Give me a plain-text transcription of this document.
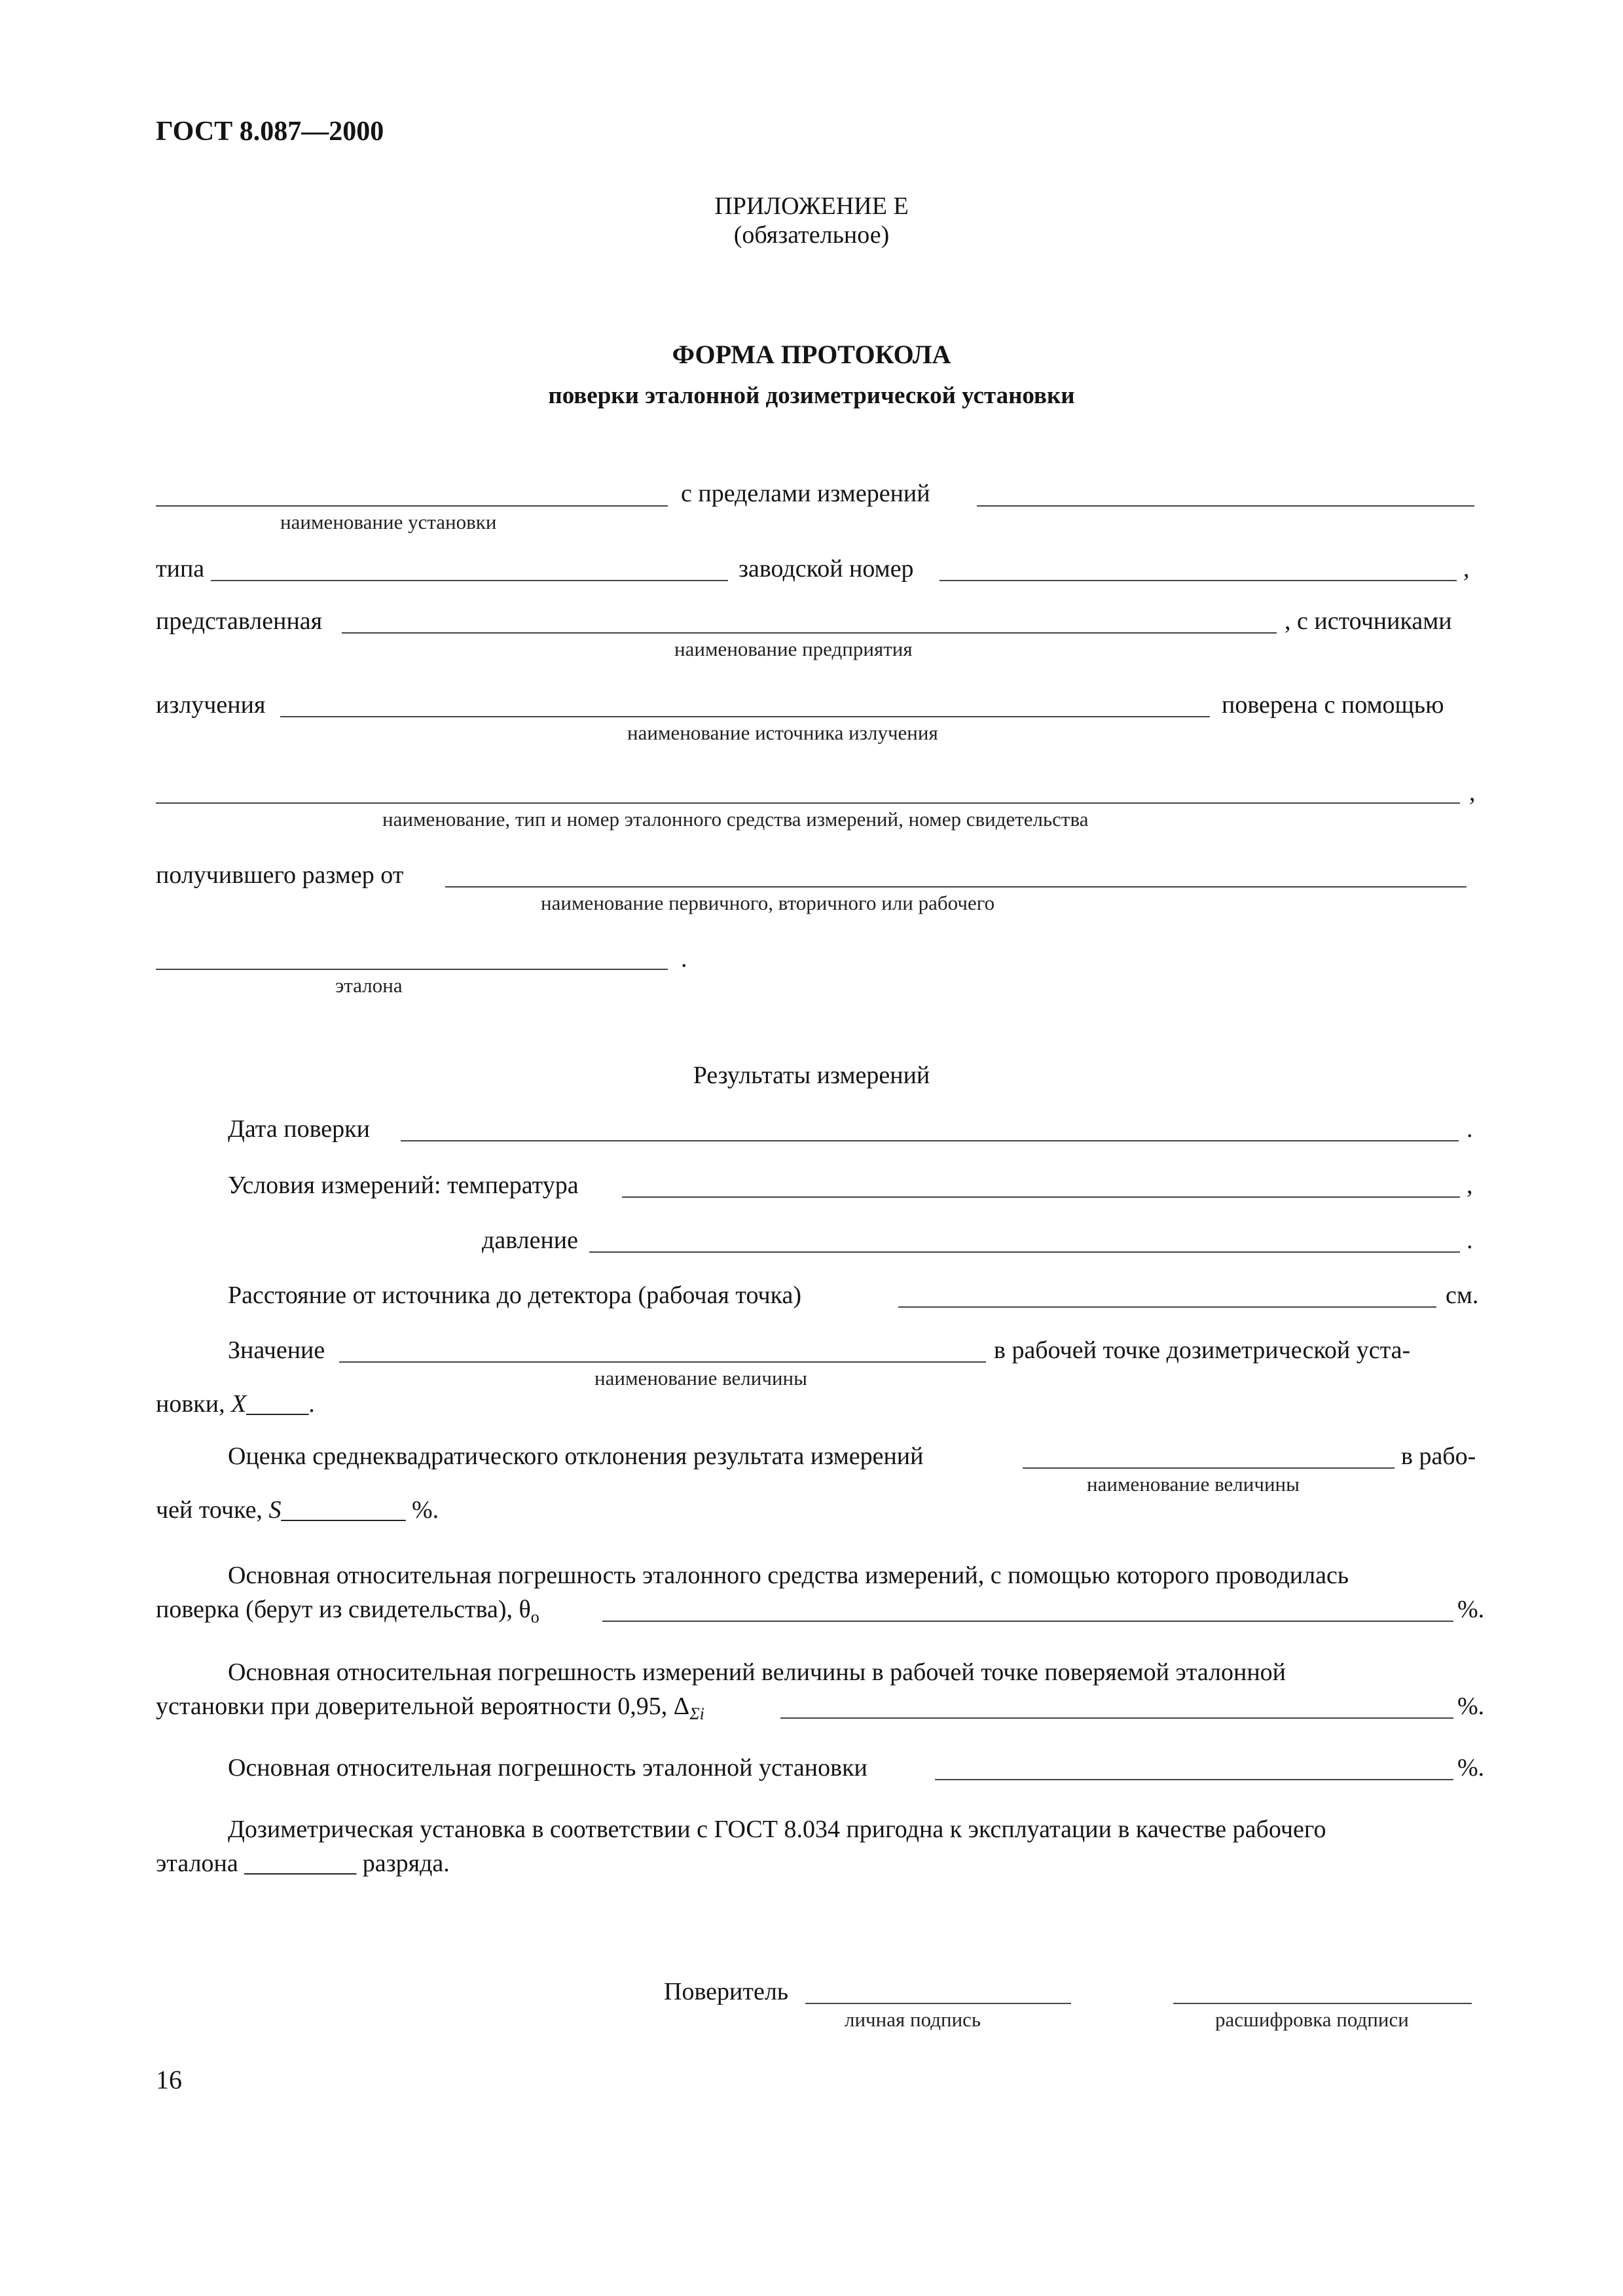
ГОСТ 8.087—2000
ПРИЛОЖЕНИЕ Е
(обязательное)
ФОРМА ПРОТОКОЛА
поверки эталонной дозиметрической установки
с пределами измерений
наименование установки
типа	заводской номер	,
представленная	, с источниками
наименование предприятия
излучения	поверена с помощью
наименование источника излучения
,
наименование, тип и номер эталонного средства измерений, номер свидетельства
получившего размер от
наименование первичного, вторичного или рабочего
.
эталона
Результаты измерений
Дата поверки	.
Условия измерений: температура	,
давление	.
Расстояние от источника до детектора (рабочая точка)	см.
Значение	в рабочей точке дозиметрической уста-
наименование величины
новки, X_____.
Оценка среднеквадратического отклонения результата измерений	в рабо-
наименование величины
чей точке, S__________ %.
Основная относительная погрешность эталонного средства измерений, с помощью которого проводилась
поверка (берут из свидетельства), $\theta_о$	%.
Основная относительная погрешность измерений величины в рабочей точке поверяемой эталонной
установки при доверительной вероятности 0,95, $\Delta_{\Sigma i}$	%.
Основная относительная погрешность эталонной установки	%.
Дозиметрическая установка в соответствии с ГОСТ 8.034 пригодна к эксплуатации в качестве рабочего
эталона _________ разряда.
Поверитель
личная подпись	расшифровка подписи
16
